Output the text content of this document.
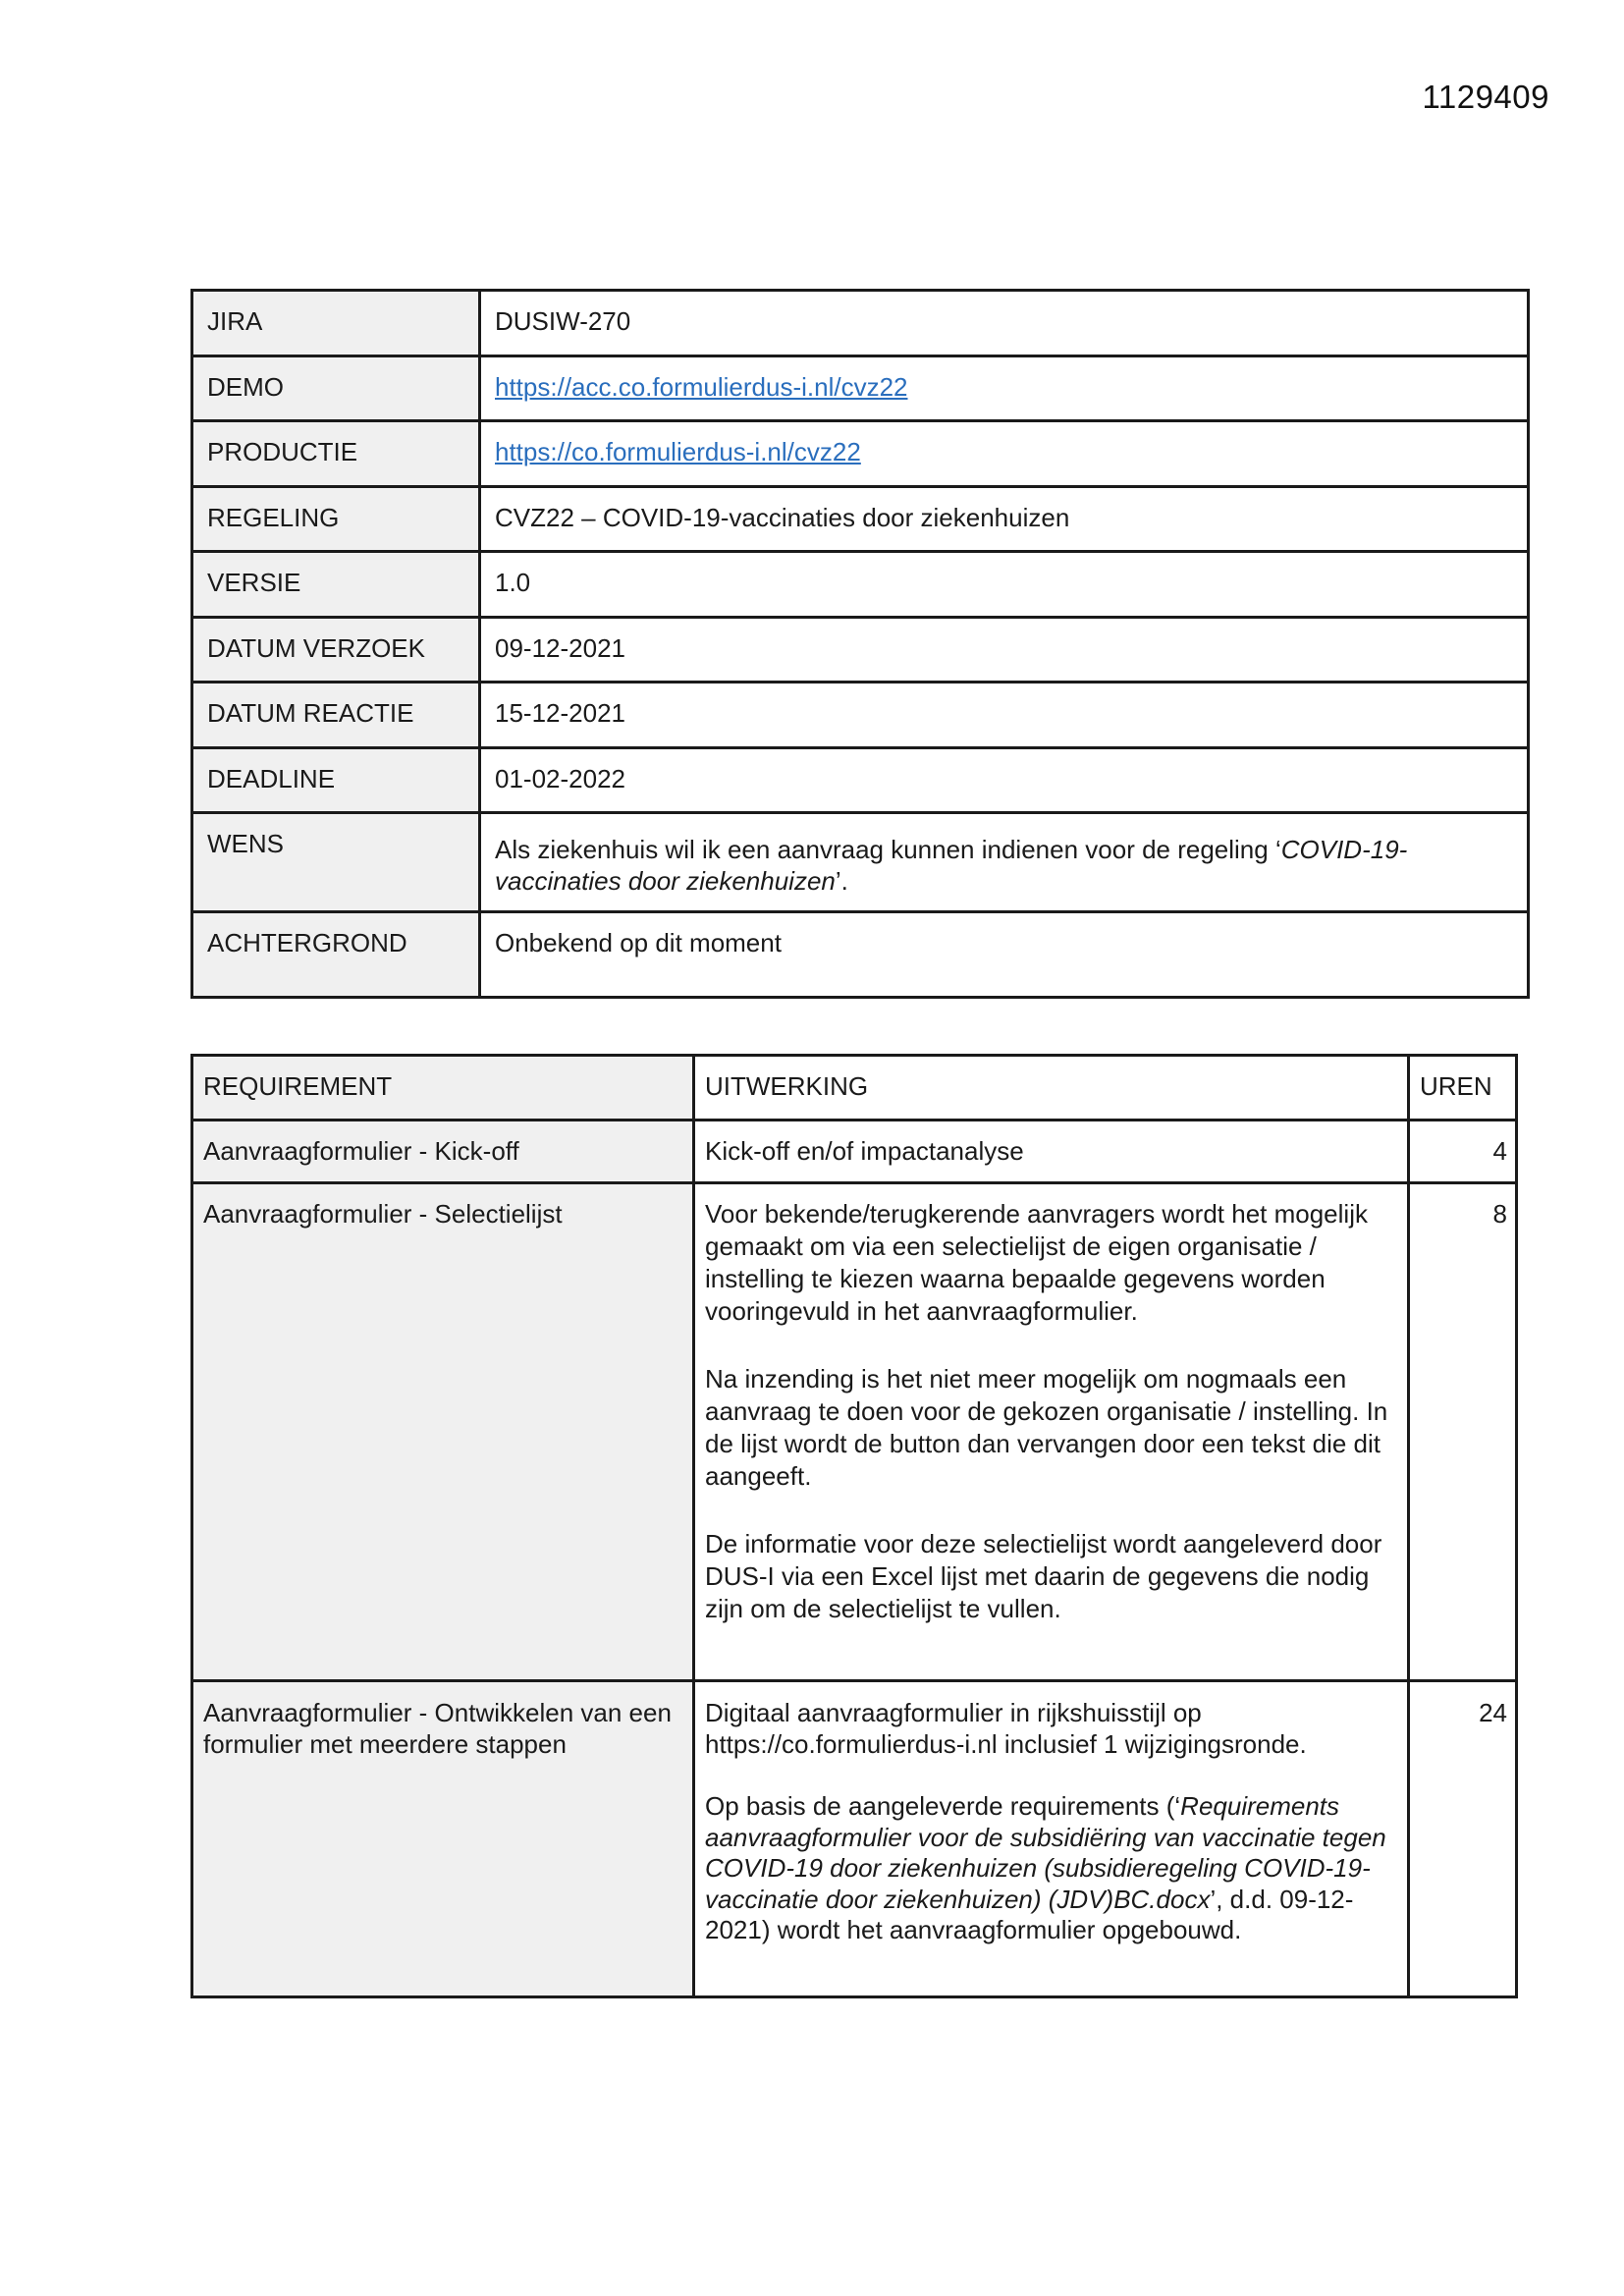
1129409
JIRA	DUSIW-270
DEMO	https://acc.co.formulierdus-i.nl/cvz22
PRODUCTIE	https://co.formulierdus-i.nl/cvz22
REGELING	CVZ22 – COVID-19-vaccinaties door ziekenhuizen
VERSIE	1.0
DATUM VERZOEK	09-12-2021
DATUM REACTIE	15-12-2021
DEADLINE	01-02-2022
WENS	Als ziekenhuis wil ik een aanvraag kunnen indienen voor de regeling ‘COVID-19-vaccinaties door ziekenhuizen’.
ACHTERGROND	Onbekend op dit moment
REQUIREMENT	UITWERKING	UREN
Aanvraagformulier - Kick-off	Kick-off en/of impactanalyse	4
Aanvraagformulier - Selectielijst	Voor bekende/terugkerende aanvragers wordt het mogelijk gemaakt om via een selectielijst de eigen organisatie / instelling te kiezen waarna bepaalde gegevens worden vooringevuld in het aanvraagformulier.

Na inzending is het niet meer mogelijk om nogmaals een aanvraag te doen voor de gekozen organisatie / instelling. In de lijst wordt de button dan vervangen door een tekst die dit aangeeft.

De informatie voor deze selectielijst wordt aangeleverd door DUS-I via een Excel lijst met daarin de gegevens die nodig zijn om de selectielijst te vullen.	8
Aanvraagformulier - Ontwikkelen van een formulier met meerdere stappen	Digitaal aanvraagformulier in rijkshuisstijl op https://co.formulierdus-i.nl inclusief 1 wijzigingsronde.

Op basis de aangeleverde requirements (‘Requirements aanvraagformulier voor de subsidiëring van vaccinatie tegen COVID-19 door ziekenhuizen (subsidieregeling COVID-19-vaccinatie door ziekenhuizen) (JDV)BC.docx’, d.d. 09-12-2021) wordt het aanvraagformulier opgebouwd.	24
